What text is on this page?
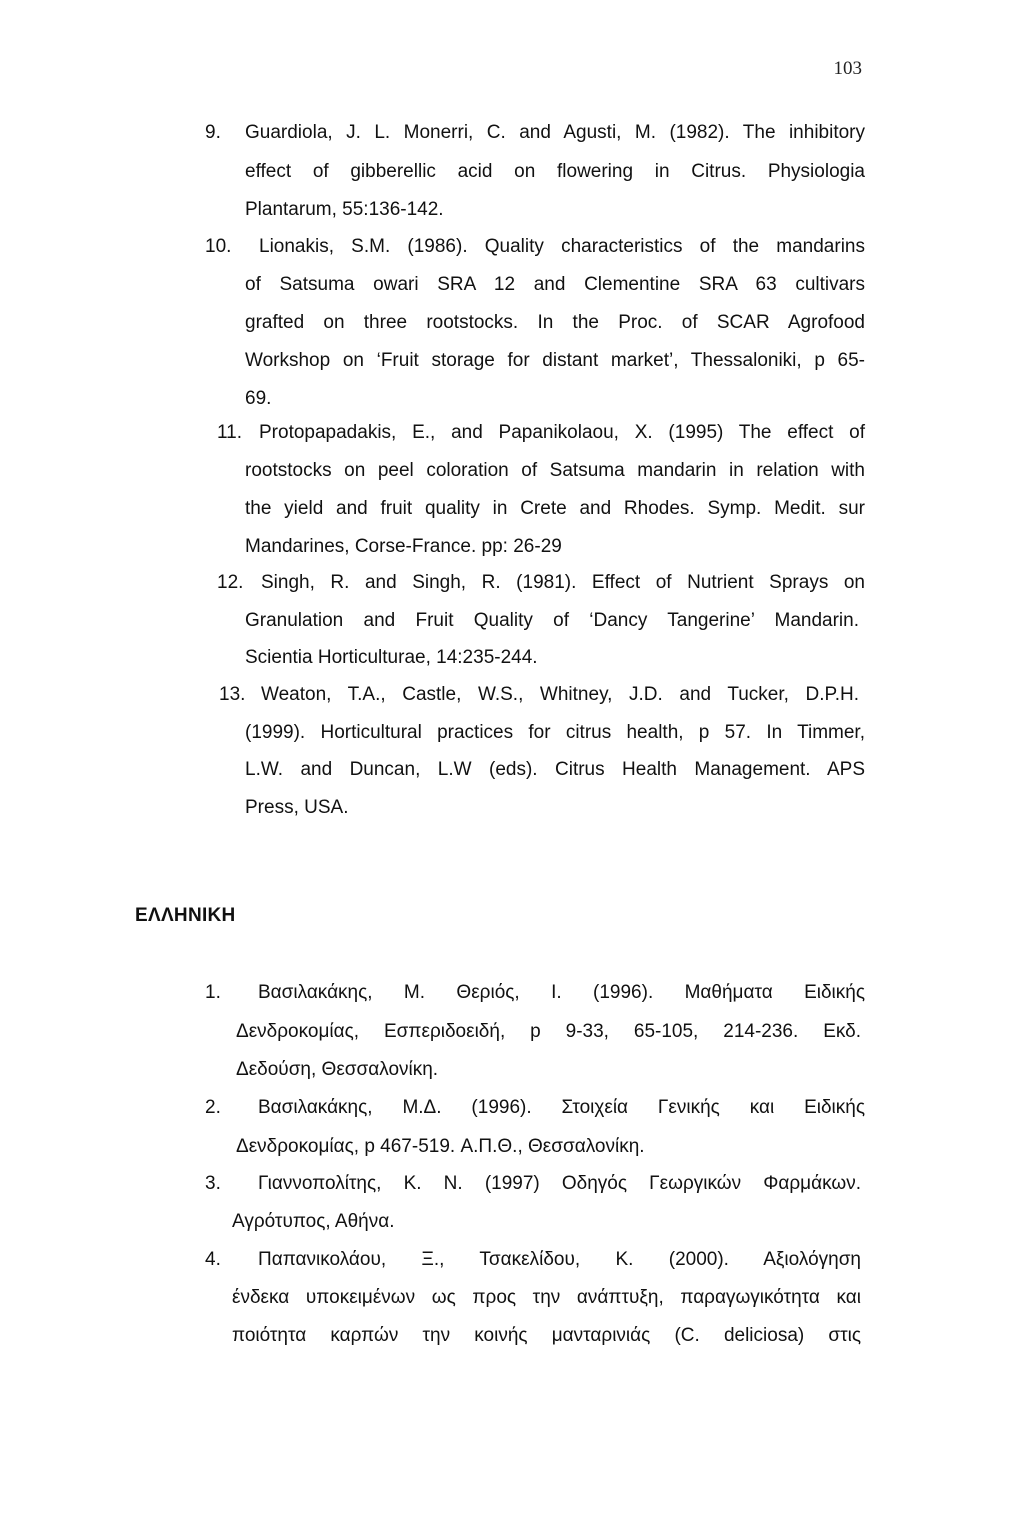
103
9. Guardiola, J. L. Monerri, C. and Agusti, M. (1982). The inhibitory
effect of gibberellic acid on flowering in Citrus. Physiologia
Plantarum, 55:136-142.
10. Lionakis, S.M. (1986). Quality characteristics of the mandarins
of Satsuma owari SRA 12 and Clementine SRA 63 cultivars
grafted on three rootstocks. In the Proc. of SCAR Agrofood
Workshop on ‘Fruit storage for distant market’, Thessaloniki, p 65-
69.
11. Protopapadakis, E., and Papanikolaou, X. (1995) The effect of
rootstocks on peel coloration of Satsuma mandarin in relation with
the yield and fruit quality in Crete and Rhodes. Symp. Medit. sur
Mandarines, Corse-France. pp: 26-29
12. Singh, R. and Singh, R. (1981). Effect of Nutrient Sprays on
Granulation and Fruit Quality of ‘Dancy Tangerine’ Mandarin.
Scientia Horticulturae, 14:235-244.
13. Weaton, T.A., Castle, W.S., Whitney, J.D. and Tucker, D.P.H.
(1999). Horticultural practices for citrus health, p 57. In Timmer,
L.W. and Duncan, L.W (eds). Citrus Health Management. APS
Press, USA.
ΕΛΛΗΝΙΚΗ
1. Βασιλακάκης, Μ. Θεριός, Ι. (1996). Μαθήματα Ειδικής
Δενδροκομίας, Εσπεριδοειδή, p 9-33, 65-105, 214-236. Εκδ.
Δεδούση, Θεσσαλονίκη.
2. Βασιλακάκης, Μ.Δ. (1996). Στοιχεία Γενικής και Ειδικής
Δενδροκομίας, p 467-519. Α.Π.Θ., Θεσσαλονίκη.
3. Γιαννοπολίτης, Κ. Ν. (1997) Οδηγός Γεωργικών Φαρμάκων.
Αγρότυπος, Αθήνα.
4. Παπανικολάου, Ξ., Τσακελίδου, Κ. (2000). Αξιολόγηση
ένδεκα υποκειμένων ως προς την ανάπτυξη, παραγωγικότητα και
ποιότητα καρπών την κοινής μανταρινιάς (C. deliciosa) στις
